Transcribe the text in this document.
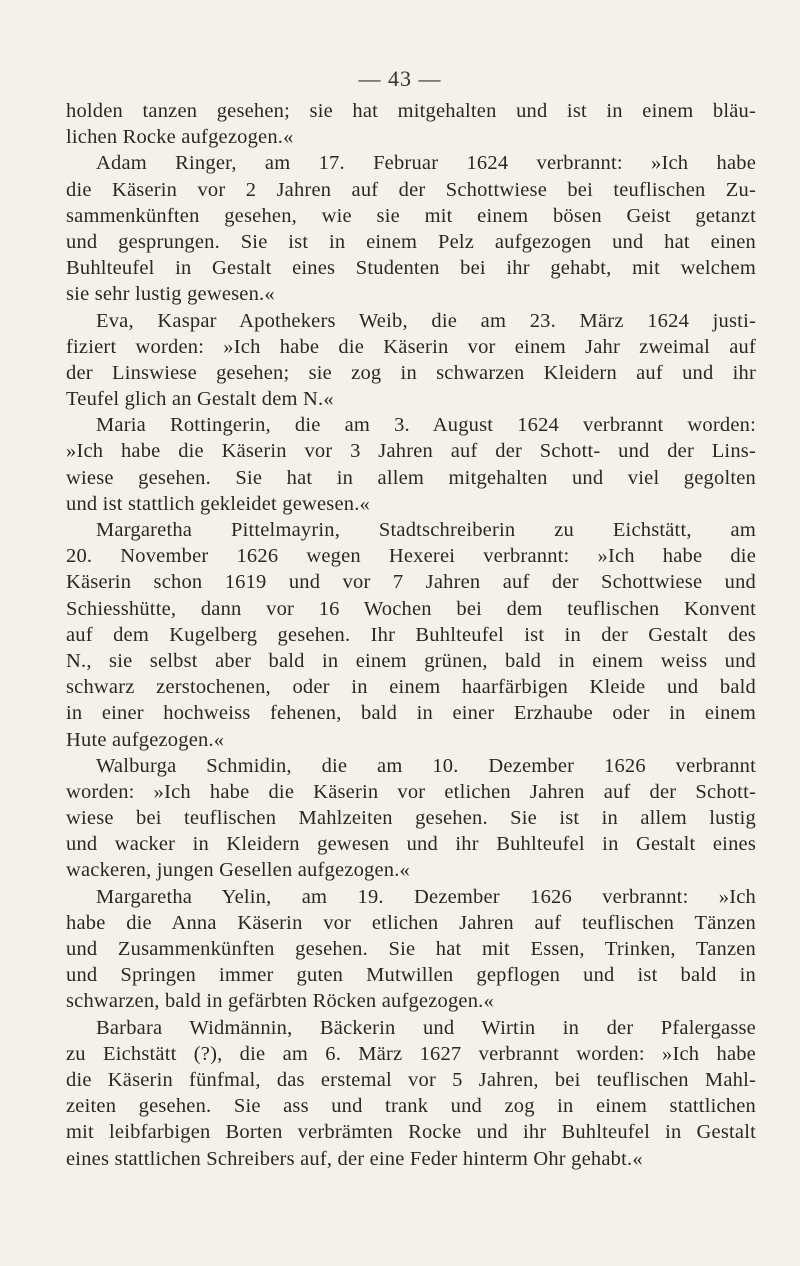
— 43 —
holden tanzen gesehen; sie hat mitgehalten und ist in einem bläu-
lichen Rocke aufgezogen.«
Adam Ringer, am 17. Februar 1624 verbrannt: »Ich habe
die Käserin vor 2 Jahren auf der Schottwiese bei teuflischen Zu-
sammenkünften gesehen, wie sie mit einem bösen Geist getanzt
und gesprungen. Sie ist in einem Pelz aufgezogen und hat einen
Buhlteufel in Gestalt eines Studenten bei ihr gehabt, mit welchem
sie sehr lustig gewesen.«
Eva, Kaspar Apothekers Weib, die am 23. März 1624 justi-
fiziert worden: »Ich habe die Käserin vor einem Jahr zweimal auf
der Linswiese gesehen; sie zog in schwarzen Kleidern auf und ihr
Teufel glich an Gestalt dem N.«
Maria Rottingerin, die am 3. August 1624 verbrannt worden:
»Ich habe die Käserin vor 3 Jahren auf der Schott- und der Lins-
wiese gesehen. Sie hat in allem mitgehalten und viel gegolten
und ist stattlich gekleidet gewesen.«
Margaretha Pittelmayrin, Stadtschreiberin zu Eichstätt, am
20. November 1626 wegen Hexerei verbrannt: »Ich habe die
Käserin schon 1619 und vor 7 Jahren auf der Schottwiese und
Schiesshütte, dann vor 16 Wochen bei dem teuflischen Konvent
auf dem Kugelberg gesehen. Ihr Buhlteufel ist in der Gestalt des
N., sie selbst aber bald in einem grünen, bald in einem weiss und
schwarz zerstochenen, oder in einem haarfärbigen Kleide und bald
in einer hochweiss fehenen, bald in einer Erzhaube oder in einem
Hute aufgezogen.«
Walburga Schmidin, die am 10. Dezember 1626 verbrannt
worden: »Ich habe die Käserin vor etlichen Jahren auf der Schott-
wiese bei teuflischen Mahlzeiten gesehen. Sie ist in allem lustig
und wacker in Kleidern gewesen und ihr Buhlteufel in Gestalt eines
wackeren, jungen Gesellen aufgezogen.«
Margaretha Yelin, am 19. Dezember 1626 verbrannt: »Ich
habe die Anna Käserin vor etlichen Jahren auf teuflischen Tänzen
und Zusammenkünften gesehen. Sie hat mit Essen, Trinken, Tanzen
und Springen immer guten Mutwillen gepflogen und ist bald in
schwarzen, bald in gefärbten Röcken aufgezogen.«
Barbara Widmännin, Bäckerin und Wirtin in der Pfalergasse
zu Eichstätt (?), die am 6. März 1627 verbrannt worden: »Ich habe
die Käserin fünfmal, das erstemal vor 5 Jahren, bei teuflischen Mahl-
zeiten gesehen. Sie ass und trank und zog in einem stattlichen
mit leibfarbigen Borten verbrämten Rocke und ihr Buhlteufel in Gestalt
eines stattlichen Schreibers auf, der eine Feder hinterm Ohr gehabt.«
